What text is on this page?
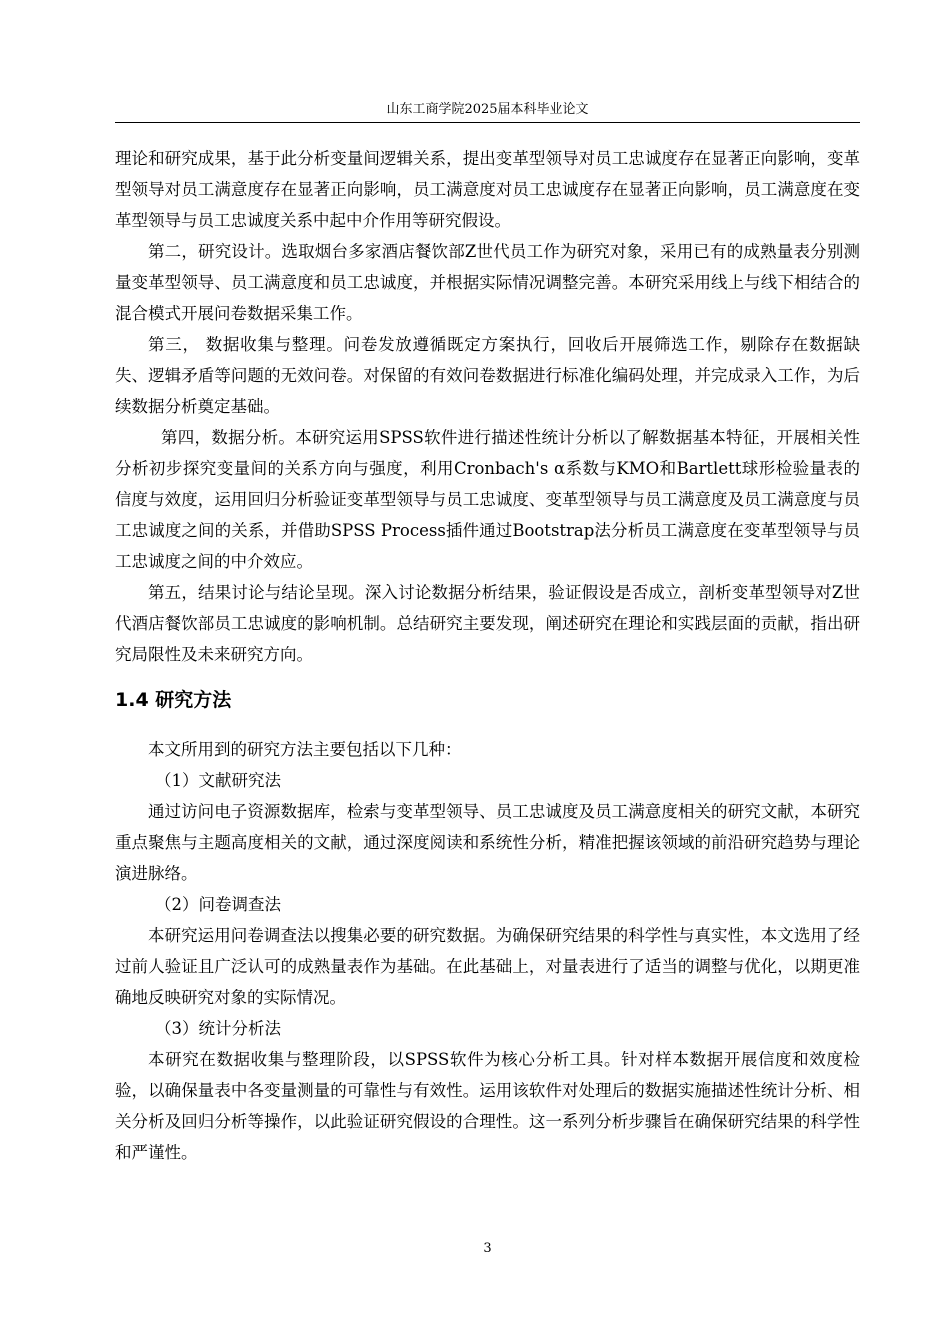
山东工商学院2025届本科毕业论文

理论和研究成果，基于此分析变量间逻辑关系，提出变革型领导对员工忠诚度存在显著正向影响，变革型领导对员工满意度存在显著正向影响，员工满意度对员工忠诚度存在显著正向影响，员工满意度在变革型领导与员工忠诚度关系中起中介作用等研究假设。

第二，研究设计。选取烟台多家酒店餐饮部Z世代员工作为研究对象，采用已有的成熟量表分别测量变革型领导、员工满意度和员工忠诚度，并根据实际情况调整完善。本研究采用线上与线下相结合的混合模式开展问卷数据采集工作。

第三， 数据收集与整理。问卷发放遵循既定方案执行，回收后开展筛选工作，剔除存在数据缺失、逻辑矛盾等问题的无效问卷。对保留的有效问卷数据进行标准化编码处理，并完成录入工作，为后续数据分析奠定基础。

第四，数据分析。本研究运用SPSS软件进行描述性统计分析以了解数据基本特征，开展相关性分析初步探究变量间的关系方向与强度，利用Cronbach's α系数与KMO和Bartlett球形检验量表的信度与效度，运用回归分析验证变革型领导与员工忠诚度、变革型领导与员工满意度及员工满意度与员工忠诚度之间的关系，并借助SPSS Process插件通过Bootstrap法分析员工满意度在变革型领导与员工忠诚度之间的中介效应。

第五，结果讨论与结论呈现。深入讨论数据分析结果，验证假设是否成立，剖析变革型领导对Z世代酒店餐饮部员工忠诚度的影响机制。总结研究主要发现，阐述研究在理论和实践层面的贡献，指出研究局限性及未来研究方向。

1.4 研究方法

本文所用到的研究方法主要包括以下几种：

（1）文献研究法

通过访问电子资源数据库，检索与变革型领导、员工忠诚度及员工满意度相关的研究文献，本研究重点聚焦与主题高度相关的文献，通过深度阅读和系统性分析，精准把握该领域的前沿研究趋势与理论演进脉络。

（2）问卷调查法

本研究运用问卷调查法以搜集必要的研究数据。为确保研究结果的科学性与真实性，本文选用了经过前人验证且广泛认可的成熟量表作为基础。在此基础上，对量表进行了适当的调整与优化，以期更准确地反映研究对象的实际情况。

（3）统计分析法

本研究在数据收集与整理阶段，以SPSS软件为核心分析工具。针对样本数据开展信度和效度检验，以确保量表中各变量测量的可靠性与有效性。运用该软件对处理后的数据实施描述性统计分析、相关分析及回归分析等操作，以此验证研究假设的合理性。这一系列分析步骤旨在确保研究结果的科学性和严谨性。

3
